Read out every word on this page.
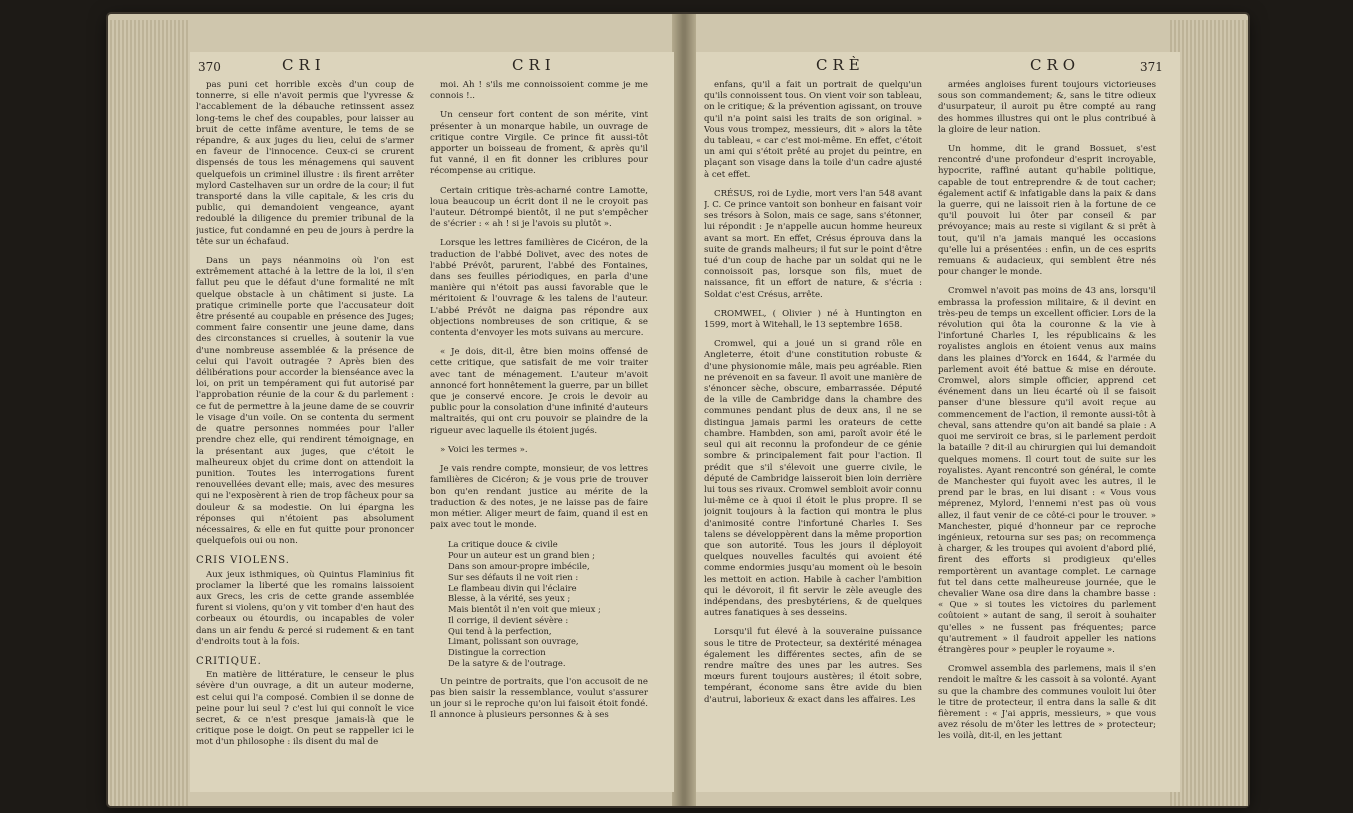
370	CRI	CRI

pas puni cet horrible excès d'un coup de tonnerre, si elle n'avoit permis que l'yvresse & l'accablement de la débauche retinssent assez long-tems le chef des coupables, pour laisser au bruit de cette infâme aventure, le tems de se répandre, & aux juges du lieu, celui de s'armer en faveur de l'innocence. Ceux-ci se crurent dispensés de tous les ménagemens qui sauvent quelquefois un criminel illustre : ils firent arrêter mylord Castelhaven sur un ordre de la cour; il fut transporté dans la ville capitale, & les cris du public, qui demandoient vengeance, ayant redoublé la diligence du premier tribunal de la justice, fut condamné en peu de jours à perdre la tête sur un échafaud.

Dans un pays néanmoins où l'on est extrêmement attaché à la lettre de la loi, il s'en fallut peu que le défaut d'une formalité ne mît quelque obstacle à un châtiment si juste. La pratique criminelle porte que l'accusateur doit être présenté au coupable en présence des Juges; comment faire consentir une jeune dame, dans des circonstances si cruelles, à soutenir la vue d'une nombreuse assemblée & la présence de celui qui l'avoit outragée ? Après bien des délibérations pour accorder la bienséance avec la loi, on prit un tempérament qui fut autorisé par l'approbation réunie de la cour & du parlement : ce fut de permettre à la jeune dame de se couvrir le visage d'un voile. On se contenta du serment de quatre personnes nommées pour l'aller prendre chez elle, qui rendirent témoignage, en la présentant aux juges, que c'étoit le malheureux objet du crime dont on attendoit la punition. Toutes les interrogations furent renouvellées devant elle; mais, avec des mesures qui ne l'exposèrent à rien de trop fâcheux pour sa douleur & sa modestie. On lui épargna les réponses qui n'étoient pas absolument nécessaires, & elle en fut quitte pour prononcer quelquefois oui ou non.

CRIS VIOLENS.

Aux jeux isthmiques, où Quintus Flaminius fit proclamer la liberté que les romains laissoient aux Grecs, les cris de cette grande assemblée furent si violens, qu'on y vit tomber d'en haut des corbeaux ou étourdis, ou incapables de voler dans un air fendu & percé si rudement & en tant d'endroits tout à la fois.

CRITIQUE.

En matière de littérature, le censeur le plus sévère d'un ouvrage, a dit un auteur moderne, est celui qui l'a composé. Combien il se donne de peine pour lui seul ? c'est lui qui connoît le vice secret, & ce n'est presque jamais-là que le critique pose le doigt. On peut se rappeller ici le mot d'un philosophe : ils disent du mal de

moi. Ah ! s'ils me connoissoient comme je me connois !..

Un censeur fort content de son mérite, vint présenter à un monarque habile, un ouvrage de critique contre Virgile. Ce prince fit aussi-tôt apporter un boisseau de froment, & après qu'il fut vanné, il en fit donner les criblures pour récompense au critique.

Certain critique très-acharné contre Lamotte, loua beaucoup un écrit dont il ne le croyoit pas l'auteur. Détrompé bientôt, il ne put s'empêcher de s'écrier : « ah ! si je l'avois su plutôt ».

Lorsque les lettres familières de Cicéron, de la traduction de l'abbé Dolivet, avec des notes de l'abbé Prévôt, parurent, l'abbé des Fontaines, dans ses feuilles périodiques, en parla d'une manière qui n'étoit pas aussi favorable que le méritoient & l'ouvrage & les talens de l'auteur. L'abbé Prévôt ne daigna pas répondre aux objections nombreuses de son critique, & se contenta d'envoyer les mots suivans au mercure.

« Je dois, dit-il, être bien moins offensé de cette critique, que satisfait de me voir traiter avec tant de ménagement. L'auteur m'avoit annoncé fort honnêtement la guerre, par un billet que je conservé encore. Je crois le devoir au public pour la consolation d'une infinité d'auteurs maltraités, qui ont cru pouvoir se plaindre de la rigueur avec laquelle ils étoient jugés.

» Voici les termes ».

Je vais rendre compte, monsieur, de vos lettres familières de Cicéron; & je vous prie de trouver bon qu'en rendant justice au mérite de la traduction & des notes, je ne laisse pas de faire mon métier. Aliger meurt de faim, quand il est en paix avec tout le monde.

La critique douce & civile
Pour un auteur est un grand bien ;
Dans son amour-propre imbécile,
Sur ses défauts il ne voit rien :
Le flambeau divin qui l'éclaire
Blesse, à la vérité, ses yeux ;
Mais bientôt il n'en voit que mieux ;
Il corrige, il devient sévère :
Qui tend à la perfection,
Limant, polissant son ouvrage,
Distingue la correction
De la satyre & de l'outrage.

Un peintre de portraits, que l'on accusoit de ne pas bien saisir la ressemblance, voulut s'assurer un jour si le reproche qu'on lui faisoit étoit fondé. Il annonce à plusieurs personnes & à ses

CRÈ	CRO	371

enfans, qu'il a fait un portrait de quelqu'un qu'ils connoissent tous. On vient voir son tableau, on le critique; & la prévention agissant, on trouve qu'il n'a point saisi les traits de son original. » Vous vous trompez, messieurs, dit » alors la tête du tableau, « car c'est moi-même. En effet, c'étoit un ami qui s'étoit prêté au projet du peintre, en plaçant son visage dans la toile d'un cadre ajusté à cet effet.

CRÉSUS, roi de Lydie, mort vers l'an 548 avant J. C. Ce prince vantoit son bonheur en faisant voir ses trésors à Solon, mais ce sage, sans s'étonner, lui répondit : Je n'appelle aucun homme heureux avant sa mort. En effet, Crésus éprouva dans la suite de grands malheurs; il fut sur le point d'être tué d'un coup de hache par un soldat qui ne le connoissoit pas, lorsque son fils, muet de naissance, fit un effort de nature, & s'écria : Soldat c'est Crésus, arrête.

CROMWEL, ( Olivier ) né à Huntington en 1599, mort à Witehall, le 13 septembre 1658.

Cromwel, qui a joué un si grand rôle en Angleterre, étoit d'une constitution robuste & d'une physionomie mâle, mais peu agréable. Rien ne prévenoit en sa faveur. Il avoit une manière de s'énoncer sèche, obscure, embarrassée. Député de la ville de Cambridge dans la chambre des communes pendant plus de deux ans, il ne se distingua jamais parmi les orateurs de cette chambre. Hambden, son ami, paroît avoir été le seul qui ait reconnu la profondeur de ce génie sombre & principalement fait pour l'action. Il prédit que s'il s'élevoit une guerre civile, le député de Cambridge laisseroit bien loin derrière lui tous ses rivaux. Cromwel sembloit avoir connu lui-même ce à quoi il étoit le plus propre. Il se joignit toujours à la faction qui montra le plus d'animosité contre l'infortuné Charles I. Ses talens se développèrent dans la même proportion que son autorité. Tous les jours il déployoit quelques nouvelles facultés qui avoient été comme endormies jusqu'au moment où le besoin les mettoit en action. Habile à cacher l'ambition qui le dévoroit, il fit servir le zèle aveugle des indépendans, des presbytériens, & de quelques autres fanatiques à ses desseins.

Lorsqu'il fut élevé à la souveraine puissance sous le titre de Protecteur, sa dextérité ménagea également les différentes sectes, afin de se rendre maître des unes par les autres. Ses mœurs furent toujours austères; il étoit sobre, tempérant, économe sans être avide du bien d'autrui, laborieux & exact dans les affaires. Les

armées angloises furent toujours victorieuses sous son commandement; &, sans le titre odieux d'usurpateur, il auroit pu être compté au rang des hommes illustres qui ont le plus contribué à la gloire de leur nation.

Un homme, dit le grand Bossuet, s'est rencontré d'une profondeur d'esprit incroyable, hypocrite, raffiné autant qu'habile politique, capable de tout entreprendre & de tout cacher; également actif & infatigable dans la paix & dans la guerre, qui ne laissoit rien à la fortune de ce qu'il pouvoit lui ôter par conseil & par prévoyance; mais au reste si vigilant & si prêt à tout, qu'il n'a jamais manqué les occasions qu'elle lui a présentées : enfin, un de ces esprits remuans & audacieux, qui semblent être nés pour changer le monde.

Cromwel n'avoit pas moins de 43 ans, lorsqu'il embrassa la profession militaire, & il devint en très-peu de temps un excellent officier. Lors de la révolution qui ôta la couronne & la vie à l'infortuné Charles I, les républicains & les royalistes anglois en étoient venus aux mains dans les plaines d'Yorck en 1644, & l'armée du parlement avoit été battue & mise en déroute. Cromwel, alors simple officier, apprend cet événement dans un lieu écarté où il se faisoit panser d'une blessure qu'il avoit reçue au commencement de l'action, il remonte aussi-tôt à cheval, sans attendre qu'on ait bandé sa plaie : A quoi me serviroit ce bras, si le parlement perdoit la bataille ? dit-il au chirurgien qui lui demandoit quelques momens. Il court tout de suite sur les royalistes. Ayant rencontré son général, le comte de Manchester qui fuyoit avec les autres, il le prend par le bras, en lui disant : « Vous vous méprenez, Mylord, l'ennemi n'est pas où vous allez, il faut venir de ce côté-ci pour le trouver. » Manchester, piqué d'honneur par ce reproche ingénieux, retourna sur ses pas; on recommença à charger, & les troupes qui avoient d'abord plié, firent des efforts si prodigieux qu'elles remportèrent un avantage complet. Le carnage fut tel dans cette malheureuse journée, que le chevalier Wane osa dire dans la chambre basse : « Que » si toutes les victoires du parlement coûtoient » autant de sang, il seroit à souhaiter qu'elles » ne fussent pas fréquentes; parce qu'autrement » il faudroit appeller les nations étrangères pour » peupler le royaume ».

Cromwel assembla des parlemens, mais il s'en rendoit le maître & les cassoit à sa volonté. Ayant su que la chambre des communes vouloit lui ôter le titre de protecteur, il entra dans la salle & dit fièrement : « J'ai appris, messieurs, » que vous avez résolu de m'ôter les lettres de » protecteur; les voilà, dit-il, en les jettant
